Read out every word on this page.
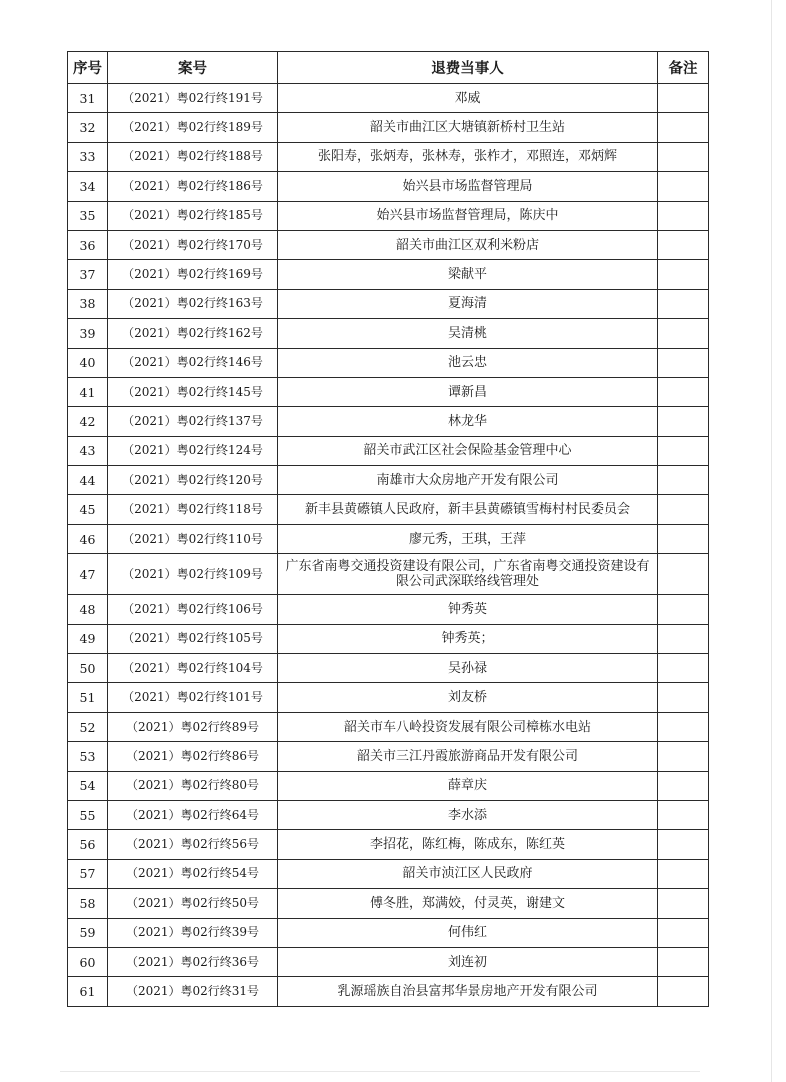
序号	案号	退费当事人	备注
31	（2021）粤02行终191号	邓威	
32	（2021）粤02行终189号	韶关市曲江区大塘镇新桥村卫生站	
33	（2021）粤02行终188号	张阳寿，张炳寿，张林寿，张柞才，邓照连，邓炳辉	
34	（2021）粤02行终186号	始兴县市场监督管理局	
35	（2021）粤02行终185号	始兴县市场监督管理局，陈庆中	
36	（2021）粤02行终170号	韶关市曲江区双利米粉店	
37	（2021）粤02行终169号	梁献平	
38	（2021）粤02行终163号	夏海清	
39	（2021）粤02行终162号	吴清桃	
40	（2021）粤02行终146号	池云忠	
41	（2021）粤02行终145号	谭新昌	
42	（2021）粤02行终137号	林龙华	
43	（2021）粤02行终124号	韶关市武江区社会保险基金管理中心	
44	（2021）粤02行终120号	南雄市大众房地产开发有限公司	
45	（2021）粤02行终118号	新丰县黄礤镇人民政府，新丰县黄礤镇雪梅村村民委员会	
46	（2021）粤02行终110号	廖元秀，王琪，王萍	
47	（2021）粤02行终109号	广东省南粤交通投资建设有限公司，广东省南粤交通投资建设有限公司武深联络线管理处	
48	（2021）粤02行终106号	钟秀英	
49	（2021）粤02行终105号	钟秀英；	
50	（2021）粤02行终104号	吴孙禄	
51	（2021）粤02行终101号	刘友桥	
52	（2021）粤02行终89号	韶关市车八岭投资发展有限公司樟栋水电站	
53	（2021）粤02行终86号	韶关市三江丹霞旅游商品开发有限公司	
54	（2021）粤02行终80号	薛章庆	
55	（2021）粤02行终64号	李水添	
56	（2021）粤02行终56号	李招花，陈红梅，陈成东，陈红英	
57	（2021）粤02行终54号	韶关市浈江区人民政府	
58	（2021）粤02行终50号	傅冬胜，郑满姣，付灵英，谢建文	
59	（2021）粤02行终39号	何伟红	
60	（2021）粤02行终36号	刘连初	
61	（2021）粤02行终31号	乳源瑶族自治县富邦华景房地产开发有限公司	
